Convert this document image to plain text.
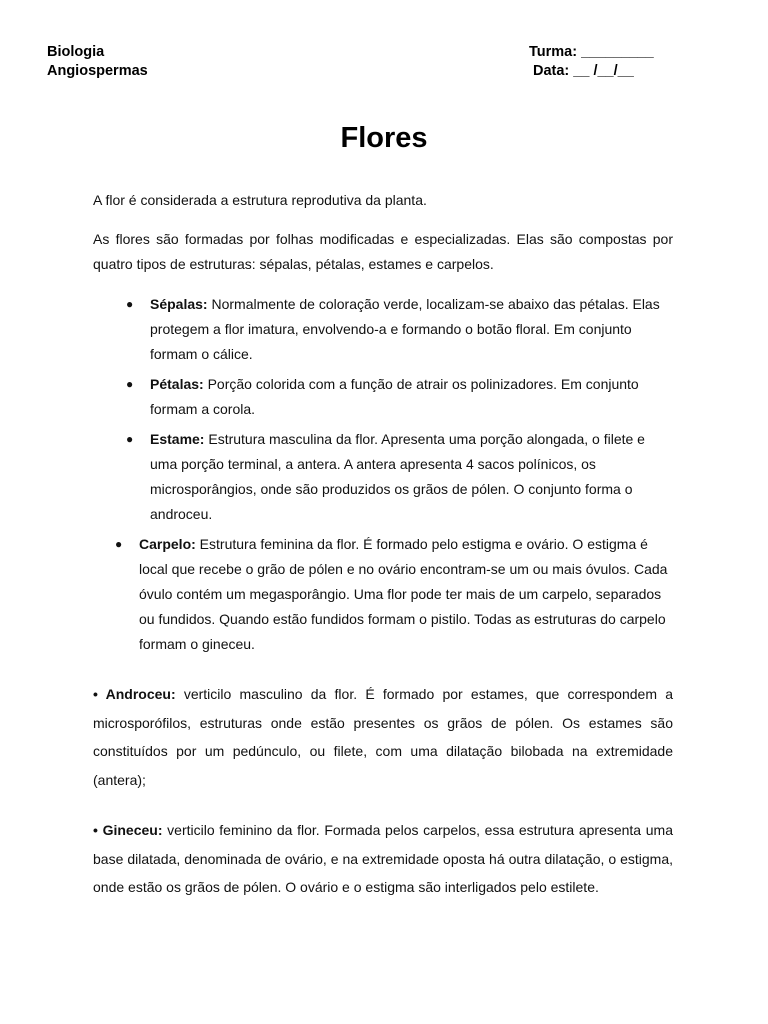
Biologia
Angiospermas
Turma: _________
Data: __ /__/__
Flores

A flor é considerada a estrutura reprodutiva da planta.

As flores são formadas por folhas modificadas e especializadas. Elas são compostas por quatro tipos de estruturas: sépalas, pétalas, estames e carpelos.

● Sépalas: Normalmente de coloração verde, localizam-se abaixo das pétalas. Elas protegem a flor imatura, envolvendo-a e formando o botão floral. Em conjunto formam o cálice.
● Pétalas: Porção colorida com a função de atrair os polinizadores. Em conjunto formam a corola.
● Estame: Estrutura masculina da flor. Apresenta uma porção alongada, o filete e uma porção terminal, a antera. A antera apresenta 4 sacos polínicos, os microsporângios, onde são produzidos os grãos de pólen. O conjunto forma o androceu.
● Carpelo: Estrutura feminina da flor. É formado pelo estigma e ovário. O estigma é local que recebe o grão de pólen e no ovário encontram-se um ou mais óvulos. Cada óvulo contém um megasporângio. Uma flor pode ter mais de um carpelo, separados ou fundidos. Quando estão fundidos formam o pistilo. Todas as estruturas do carpelo formam o gineceu.

• Androceu: verticilo masculino da flor. É formado por estames, que correspondem a microsporófilos, estruturas onde estão presentes os grãos de pólen. Os estames são constituídos por um pedúnculo, ou filete, com uma dilatação bilobada na extremidade (antera);

• Gineceu: verticilo feminino da flor. Formada pelos carpelos, essa estrutura apresenta uma base dilatada, denominada de ovário, e na extremidade oposta há outra dilatação, o estigma, onde estão os grãos de pólen. O ovário e o estigma são interligados pelo estilete.
